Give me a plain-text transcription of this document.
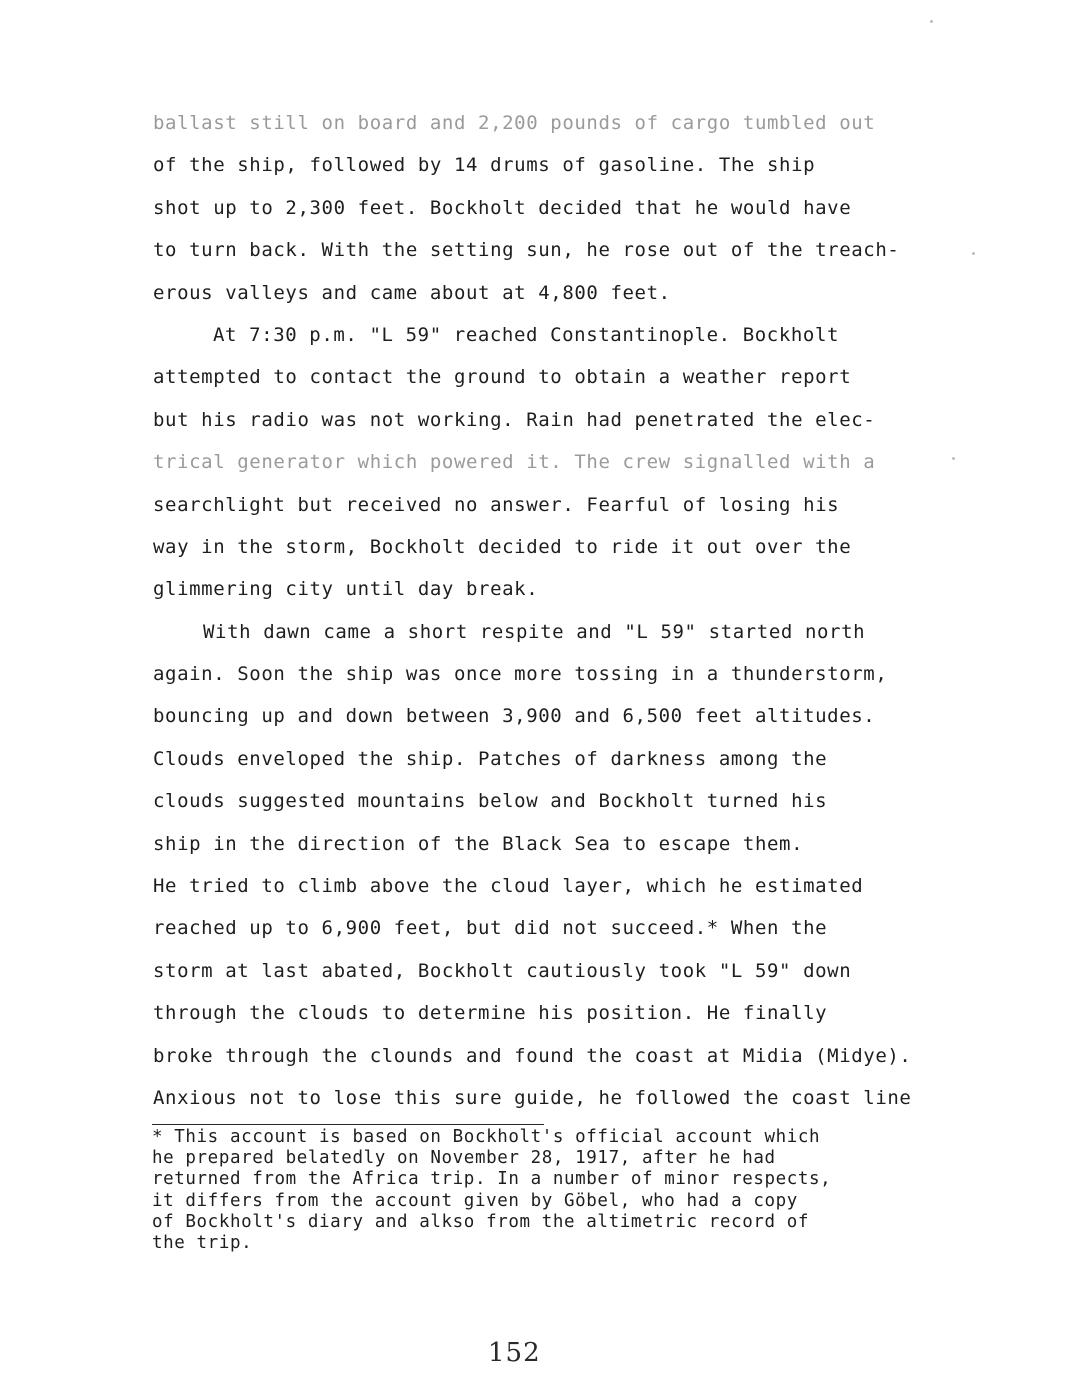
ballast still on board and 2,200 pounds of cargo tumbled out
of the ship, followed by 14 drums of gasoline. The ship
shot up to 2,300 feet. Bockholt decided that he would have
to turn back. With the setting sun, he rose out of the treach-
erous valleys and came about at 4,800 feet.
At 7:30 p.m. "L 59" reached Constantinople. Bockholt
attempted to contact the ground to obtain a weather report
but his radio was not working. Rain had penetrated the elec-
trical generator which powered it. The crew signalled with a
searchlight but received no answer. Fearful of losing his
way in the storm, Bockholt decided to ride it out over the
glimmering city until day break.
With dawn came a short respite and "L 59" started north
again. Soon the ship was once more tossing in a thunderstorm,
bouncing up and down between 3,900 and 6,500 feet altitudes.
Clouds enveloped the ship. Patches of darkness among the
clouds suggested mountains below and Bockholt turned his
ship in the direction of the Black Sea to escape them.
He tried to climb above the cloud layer, which he estimated
reached up to 6,900 feet, but did not succeed.* When the
storm at last abated, Bockholt cautiously took "L 59" down
through the clouds to determine his position. He finally
broke through the clounds and found the coast at Midia (Midye).
Anxious not to lose this sure guide, he followed the coast line
* This account is based on Bockholt's official account which
he prepared belatedly on November 28, 1917, after he had
returned from the Africa trip. In a number of minor respects,
it differs from the account given by Göbel, who had a copy
of Bockholt's diary and alkso from the altimetric record of
the trip.
152
